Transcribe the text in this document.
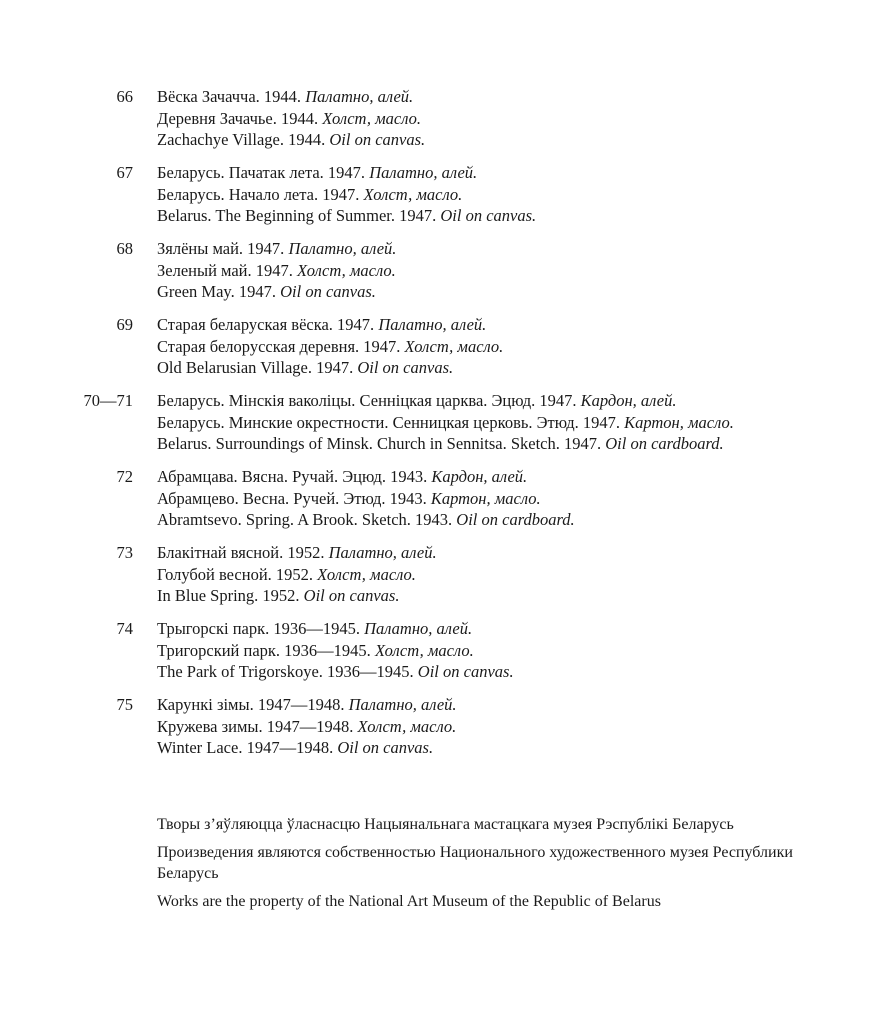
66 Вёска Зачачча. 1944. Палатно, алей.
Деревня Зачачье. 1944. Холст, масло.
Zachachye Village. 1944. Oil on canvas.
67 Беларусь. Пачатак лета. 1947. Палатно, алей.
Беларусь. Начало лета. 1947. Холст, масло.
Belarus. The Beginning of Summer. 1947. Oil on canvas.
68 Зялёны май. 1947. Палатно, алей.
Зеленый май. 1947. Холст, масло.
Green May. 1947. Oil on canvas.
69 Старая беларуская вёска. 1947. Палатно, алей.
Старая белорусская деревня. 1947. Холст, масло.
Old Belarusian Village. 1947. Oil on canvas.
70—71 Беларусь. Мінскія ваколіцы. Сенніцкая царква. Эцюд. 1947. Кардон, алей.
Беларусь. Минские окрестности. Сенницкая церковь. Этюд. 1947. Картон, масло.
Belarus. Surroundings of Minsk. Church in Sennitsa. Sketch. 1947. Oil on cardboard.
72 Абрамцава. Вясна. Ручай. Эцюд. 1943. Кардон, алей.
Абрамцево. Весна. Ручей. Этюд. 1943. Картон, масло.
Abramtsevo. Spring. A Brook. Sketch. 1943. Oil on cardboard.
73 Блакітнай вясной. 1952. Палатно, алей.
Голубой весной. 1952. Холст, масло.
In Blue Spring. 1952. Oil on canvas.
74 Трыгорскі парк. 1936—1945. Палатно, алей.
Тригорский парк. 1936—1945. Холст, масло.
The Park of Trigorskoye. 1936—1945. Oil on canvas.
75 Карункі зімы. 1947—1948. Палатно, алей.
Кружева зимы. 1947—1948. Холст, масло.
Winter Lace. 1947—1948. Oil on canvas.
Творы з’яўляюцца ўласнасцю Нацыянальнага мастацкага музея Рэспублікі Беларусь
Произведения являются собственностью Национального художественного музея Республики Беларусь
Works are the property of the National Art Museum of the Republic of Belarus
